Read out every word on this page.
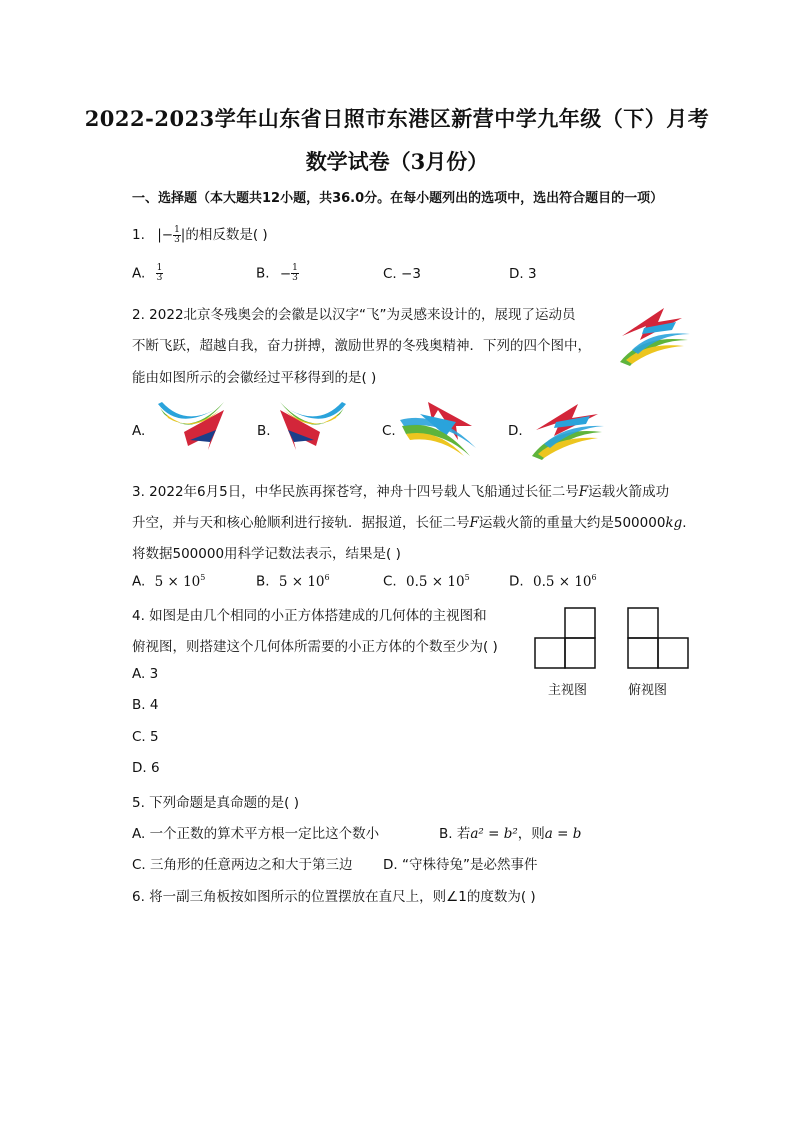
2022-2023学年山东省日照市东港区新营中学九年级（下）月考
数学试卷（3月份）
一、选择题（本大题共12小题，共36.0分。在每小题列出的选项中，选出符合题目的一项）
1. |− $\frac{1}{3}$ |的相反数是( )
A. $\frac{1}{3}$	B. − $\frac{1}{3}$	C. −3	D. 3
2. 2022北京冬残奥会的会徽是以汉字“飞”为灵感来设计的，展现了运动员
不断飞跃，超越自我，奋力拼搏，激励世界的冬残奥精神．下列的四个图中，
能由如图所示的会徽经过平移得到的是( )
A.	B.	C.	D.
3. 2022年6月5日，中华民族再探苍穹，神舟十四号载人飞船通过长征二号F运载火箭成功
升空，并与天和核心舱顺利进行接轨．据报道，长征二号F运载火箭的重量大约是500000kg.
将数据500000用科学记数法表示，结果是( )
A. $5 \times 10^5$	B. $5 \times 10^6$	C. $0.5 \times 10^5$	D. $0.5 \times 10^6$
4. 如图是由几个相同的小正方体搭建成的几何体的主视图和
俯视图，则搭建这个几何体所需要的小正方体的个数至少为( )
A. 3
B. 4
C. 5
D. 6
主视图	俯视图
5. 下列命题是真命题的是( )
A. 一个正数的算术平方根一定比这个数小	B. 若a² = b²，则a = b
C. 三角形的任意两边之和大于第三边 D. “守株待兔”是必然事件
6. 将一副三角板按如图所示的位置摆放在直尺上，则∠1的度数为( )
